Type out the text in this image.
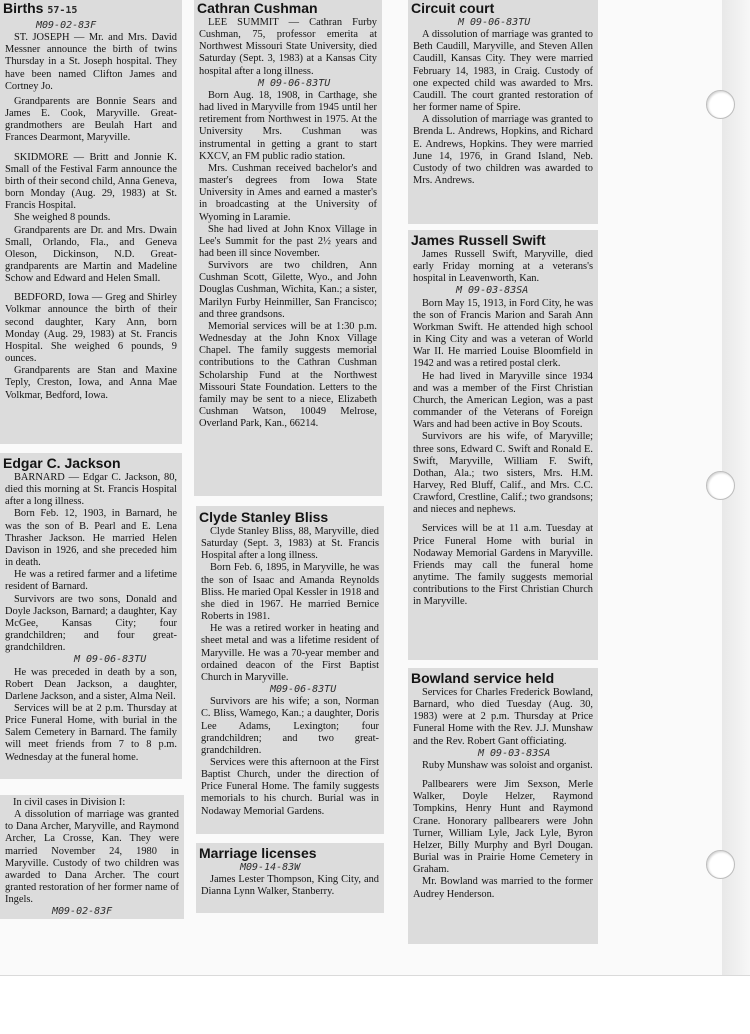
Births 57-15

M09-02-83F

ST. JOSEPH — Mr. and Mrs. David Messner announce the birth of twins Thursday in a St. Joseph hospital. They have been named Clifton James and Cortney Jo.

Grandparents are Bonnie Sears and James E. Cook, Maryville. Great-grandmothers are Beulah Hart and Frances Dearmont, Maryville.

SKIDMORE — Britt and Jonnie K. Small of the Festival Farm announce the birth of their second child, Anna Geneva, born Monday (Aug. 29, 1983) at St. Francis Hospital.

She weighed 8 pounds.

Grandparents are Dr. and Mrs. Dwain Small, Orlando, Fla., and Geneva Oleson, Dickinson, N.D. Great-grandparents are Martin and Madeline Schow and Edward and Helen Small.

BEDFORD, Iowa — Greg and Shirley Volkmar announce the birth of their second daughter, Kary Ann, born Monday (Aug. 29, 1983) at St. Francis Hospital. She weighed 6 pounds, 9 ounces.

Grandparents are Stan and Maxine Teply, Creston, Iowa, and Anna Mae Volkmar, Bedford, Iowa.

Edgar C. Jackson

BARNARD — Edgar C. Jackson, 80, died this morning at St. Francis Hospital after a long illness.

Born Feb. 12, 1903, in Barnard, he was the son of B. Pearl and E. Lena Thrasher Jackson. He married Helen Davison in 1926, and she preceded him in death.

He was a retired farmer and a lifetime resident of Barnard.

Survivors are two sons, Donald and Doyle Jackson, Barnard; a daughter, Kay McGee, Kansas City; four grandchildren; and four great-grandchildren.

M 09-06-83TU

He was preceded in death by a son, Robert Dean Jackson, a daughter, Darlene Jackson, and a sister, Alma Neil.

Services will be at 2 p.m. Thursday at Price Funeral Home, with burial in the Salem Cemetery in Barnard. The family will meet friends from 7 to 8 p.m. Wednesday at the funeral home.

In civil cases in Division I:

A dissolution of marriage was granted to Dana Archer, Maryville, and Raymond Archer, La Crosse, Kan. They were married November 24, 1980 in Maryville. Custody of two children was awarded to Dana Archer. The court granted restoration of her former name of Ingels.

M09-02-83F

Cathran Cushman

LEE SUMMIT — Cathran Furby Cushman, 75, professor emerita at Northwest Missouri State University, died Saturday (Sept. 3, 1983) at a Kansas City hospital after a long illness.

M 09-06-83TU

Born Aug. 18, 1908, in Carthage, she had lived in Maryville from 1945 until her retirement from Northwest in 1975. At the University Mrs. Cushman was instrumental in getting a grant to start KXCV, an FM public radio station.

Mrs. Cushman received bachelor's and master's degrees from Iowa State University in Ames and earned a master's in broadcasting at the University of Wyoming in Laramie.

She had lived at John Knox Village in Lee's Summit for the past 2½ years and had been ill since November.

Survivors are two children, Ann Cushman Scott, Gilette, Wyo., and John Douglas Cushman, Wichita, Kan.; a sister, Marilyn Furby Heinmiller, San Francisco; and three grandsons.

Memorial services will be at 1:30 p.m. Wednesday at the John Knox Village Chapel. The family suggests memorial contributions to the Cathran Cushman Scholarship Fund at the Northwest Missouri State Foundation. Letters to the family may be sent to a niece, Elizabeth Cushman Watson, 10049 Melrose, Overland Park, Kan., 66214.

Clyde Stanley Bliss

Clyde Stanley Bliss, 88, Maryville, died Saturday (Sept. 3, 1983) at St. Francis Hospital after a long illness.

Born Feb. 6, 1895, in Maryville, he was the son of Isaac and Amanda Reynolds Bliss. He maried Opal Kessler in 1918 and she died in 1967. He married Bernice Roberts in 1981.

He was a retired worker in heating and sheet metal and was a lifetime resident of Maryville. He was a 70-year member and ordained deacon of the First Baptist Church in Maryville.

M09-06-83TU

Survivors are his wife; a son, Norman C. Bliss, Wamego, Kan.; a daughter, Doris Lee Adams, Lexington; four grandchildren; and two great-grandchildren.

Services were this afternoon at the First Baptist Church, under the direction of Price Funeral Home. The family suggests memorials to his church. Burial was in Nodaway Memorial Gardens.

Marriage licenses

M09-14-83W

James Lester Thompson, King City, and Dianna Lynn Walker, Stanberry.

Circuit court

M 09-06-83TU

A dissolution of marriage was granted to Beth Caudill, Maryville, and Steven Allen Caudill, Kansas City. They were married February 14, 1983, in Craig. Custody of one expected child was awarded to Mrs. Caudill. The court granted restoration of her former name of Spire.

A dissolution of marriage was granted to Brenda L. Andrews, Hopkins, and Richard E. Andrews, Hopkins. They were married June 14, 1976, in Grand Island, Neb. Custody of two children was awarded to Mrs. Andrews.

James Russell Swift

James Russell Swift, Maryville, died early Friday morning at a veterans's hospital in Leavenworth, Kan.

M 09-03-83SA

Born May 15, 1913, in Ford City, he was the son of Francis Marion and Sarah Ann Workman Swift. He attended high school in King City and was a veteran of World War II. He married Louise Bloomfield in 1942 and was a retired postal clerk.

He had lived in Maryville since 1934 and was a member of the First Christian Church, the American Legion, was a past commander of the Veterans of Foreign Wars and had been active in Boy Scouts.

Survivors are his wife, of Maryville; three sons, Edward C. Swift and Ronald E. Swift, Maryville, William F. Swift, Dothan, Ala.; two sisters, Mrs. H.M. Harvey, Red Bluff, Calif., and Mrs. C.C. Crawford, Crestline, Calif.; two grandsons; and nieces and nephews.

Services will be at 11 a.m. Tuesday at Price Funeral Home with burial in Nodaway Memorial Gardens in Maryville. Friends may call the funeral home anytime. The family suggests memorial contributions to the First Christian Church in Maryville.

Bowland service held

Services for Charles Frederick Bowland, Barnard, who died Tuesday (Aug. 30, 1983) were at 2 p.m. Thursday at Price Funeral Home with the Rev. J.J. Munshaw and the Rev. Robert Gant officiating.

M 09-03-83SA

Ruby Munshaw was soloist and organist.

Pallbearers were Jim Sexson, Merle Walker, Doyle Helzer, Raymond Tompkins, Henry Hunt and Raymond Crane. Honorary pallbearers were John Turner, William Lyle, Jack Lyle, Byron Helzer, Billy Murphy and Byrl Dougan. Burial was in Prairie Home Cemetery in Graham.

Mr. Bowland was married to the former Audrey Henderson.
